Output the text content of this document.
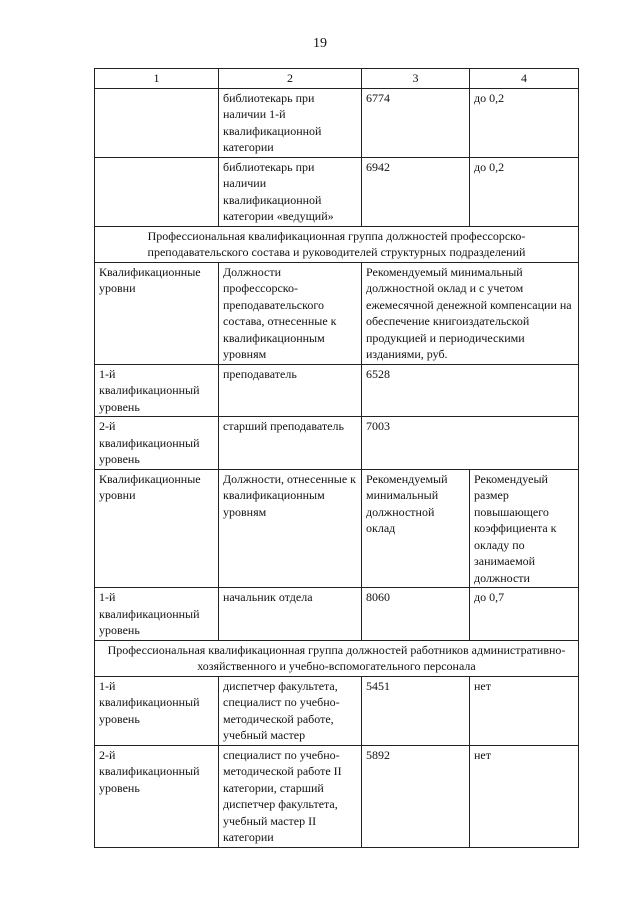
19
1	2	3	4
	библиотекарь при наличии 1-й квалификационной категории	6774	до 0,2
	библиотекарь при наличии квалификационной категории «ведущий»	6942	до 0,2
Профессиональная квалификационная группа должностей профессорско-преподавательского состава и руководителей структурных подразделений			
Квалификационные уровни	Должности профессорско-преподавательского состава, отнесенные к квалификационным уровням	Рекомендуемый минимальный должностной оклад и с учетом ежемесячной денежной компенсации на обеспечение книгоиздательской продукцией и периодическими изданиями, руб.	
1-й квалификационный уровень	преподаватель	6528	
2-й квалификационный уровень	старший преподаватель	7003	
Квалификационные уровни	Должности, отнесенные к квалификационным уровням	Рекомендуемый минимальный должностной оклад	Рекомендуеый размер повышающего коэффициента к окладу по занимаемой должности
1-й квалификационный уровень	начальник отдела	8060	до 0,7
Профессиональная квалификационная группа должностей работников административно-хозяйственного и учебно-вспомогательного персонала			
1-й квалификационный уровень	диспетчер факультета, специалист по учебно-методической работе, учебный мастер	5451	нет
2-й квалификационный уровень	специалист по учебно-методической работе II категории, старший диспетчер факультета, учебный мастер II категории	5892	нет
